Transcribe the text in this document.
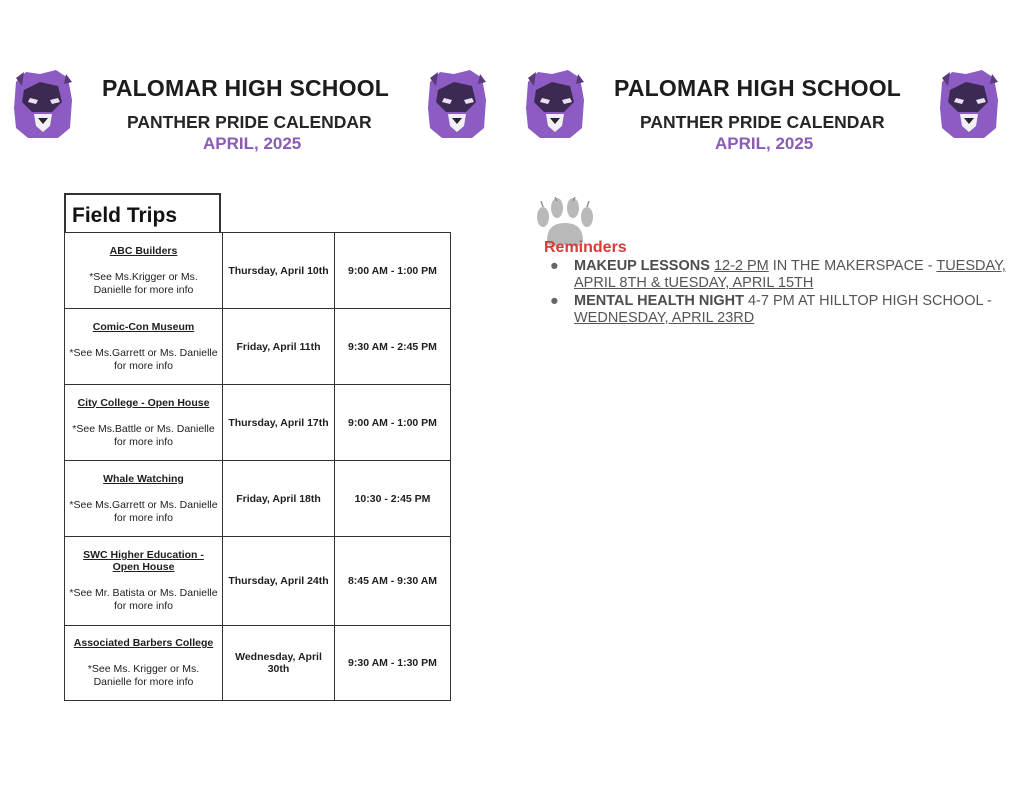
PALOMAR HIGH SCHOOL
PANTHER PRIDE CALENDAR
APRIL, 2025
PALOMAR HIGH SCHOOL
PANTHER PRIDE CALENDAR
APRIL, 2025
Field Trips
ABC Builders
*See Ms.Krigger or Ms. Danielle for more info	Thursday, April 10th	9:00 AM - 1:00 PM

Comic-Con Museum
*See Ms.Garrett or Ms. Danielle for more info	Friday, April 11th	9:30 AM - 2:45 PM

City College - Open House
*See Ms.Battle or Ms. Danielle for more info	Thursday, April 17th	9:00 AM - 1:00 PM

Whale Watching
*See Ms.Garrett or Ms. Danielle for more info	Friday, April 18th	10:30 - 2:45 PM

SWC Higher Education - Open House
*See Mr. Batista or Ms. Danielle for more info	Thursday, April 24th	8:45 AM - 9:30 AM

Associated Barbers College
*See Ms. Krigger or Ms. Danielle for more info	Wednesday, April 30th	9:30 AM - 1:30 PM
Reminders
● MAKEUP LESSONS 12-2 PM IN THE MAKERSPACE - TUESDAY, APRIL 8TH & tUESDAY, APRIL 15TH
● MENTAL HEALTH NIGHT 4-7 PM AT HILLTOP HIGH SCHOOL - WEDNESDAY, APRIL 23RD
